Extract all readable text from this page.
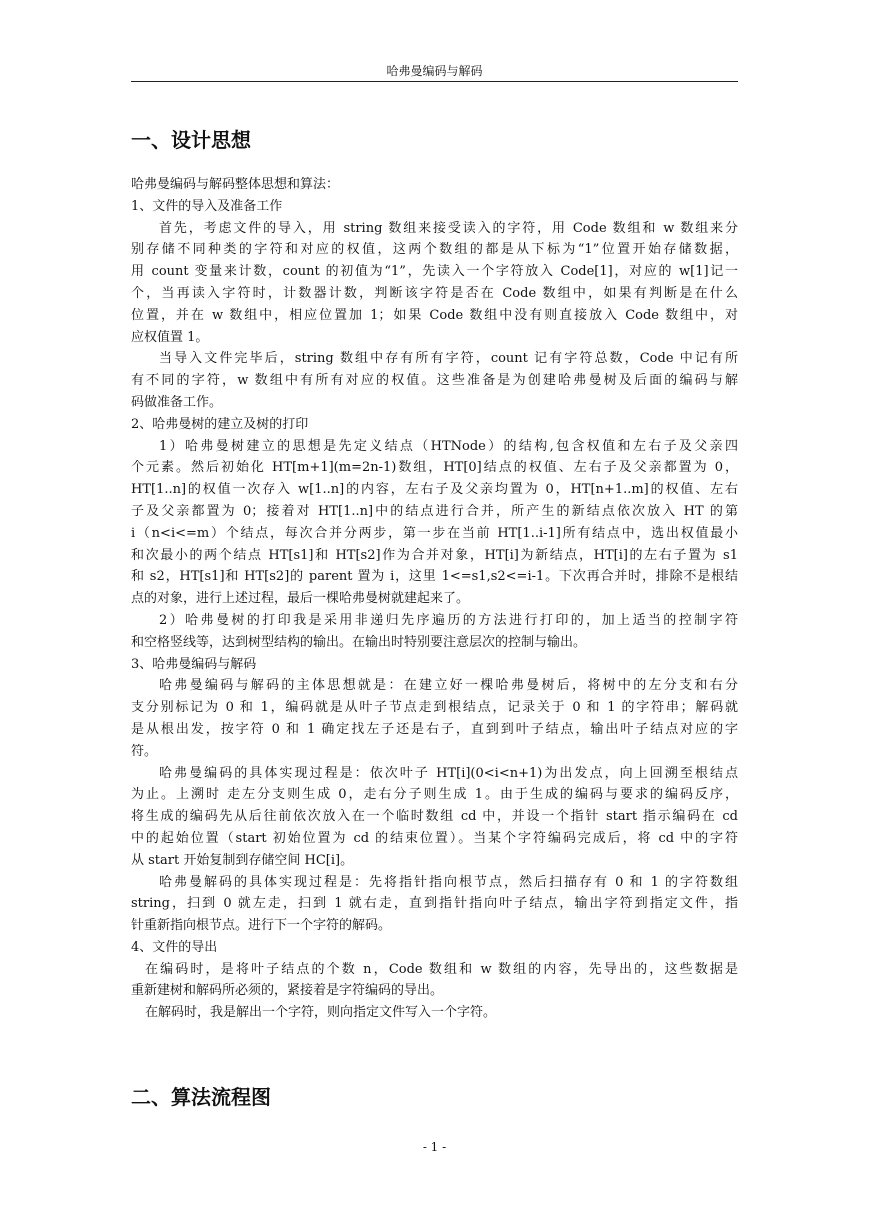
哈弗曼编码与解码
一、设计思想
哈弗曼编码与解码整体思想和算法：
1、文件的导入及准备工作
首先，考虑文件的导入，用 string 数组来接受读入的字符，用 Code 数组和 w 数组来分
别存储不同种类的字符和对应的权值，这两个数组的都是从下标为“1”位置开始存储数据，
用 count 变量来计数，count 的初值为“1”，先读入一个字符放入 Code[1]，对应的 w[1]记一
个，当再读入字符时，计数器计数，判断该字符是否在 Code 数组中，如果有判断是在什么
位置，并在 w 数组中，相应位置加 1；如果 Code 数组中没有则直接放入 Code 数组中，对
应权值置 1。
当导入文件完毕后，string 数组中存有所有字符，count 记有字符总数，Code 中记有所
有不同的字符，w 数组中有所有对应的权值。这些准备是为创建哈弗曼树及后面的编码与解
码做准备工作。
2、哈弗曼树的建立及树的打印
1）哈弗曼树建立的思想是先定义结点（HTNode）的结构,包含权值和左右子及父亲四
个元素。然后初始化 HT[m+1](m=2n-1)数组，HT[0]结点的权值、左右子及父亲都置为 0，
HT[1..n]的权值一次存入 w[1..n]的内容，左右子及父亲均置为 0，HT[n+1..m]的权值、左右
子及父亲都置为 0；接着对 HT[1..n]中的结点进行合并，所产生的新结点依次放入 HT 的第
i（n<i<=m）个结点，每次合并分两步，第一步在当前 HT[1..i-1]所有结点中，选出权值最小
和次最小的两个结点 HT[s1]和 HT[s2]作为合并对象，HT[i]为新结点，HT[i]的左右子置为 s1
和 s2，HT[s1]和 HT[s2]的 parent 置为 i，这里 1<=s1,s2<=i-1。下次再合并时，排除不是根结
点的对象，进行上述过程，最后一棵哈弗曼树就建起来了。
2）哈弗曼树的打印我是采用非递归先序遍历的方法进行打印的，加上适当的控制字符
和空格竖线等，达到树型结构的输出。在输出时特别要注意层次的控制与输出。
3、哈弗曼编码与解码
哈弗曼编码与解码的主体思想就是：在建立好一棵哈弗曼树后，将树中的左分支和右分
支分别标记为 0 和 1，编码就是从叶子节点走到根结点，记录关于 0 和 1 的字符串；解码就
是从根出发，按字符 0 和 1 确定找左子还是右子，直到到叶子结点，输出叶子结点对应的字
符。
哈弗曼编码的具体实现过程是：依次叶子 HT[i](0<i<n+1)为出发点，向上回溯至根结点
为止。上溯时 走左分支则生成 0，走右分子则生成 1。由于生成的编码与要求的编码反序，
将生成的编码先从后往前依次放入在一个临时数组 cd 中，并设一个指针 start 指示编码在 cd
中的起始位置（start 初始位置为 cd 的结束位置）。当某个字符编码完成后，将 cd 中的字符
从 start 开始复制到存储空间 HC[i]。
哈弗曼解码的具体实现过程是：先将指针指向根节点，然后扫描存有 0 和 1 的字符数组
string，扫到 0 就左走，扫到 1 就右走，直到指针指向叶子结点，输出字符到指定文件，指
针重新指向根节点。进行下一个字符的解码。
4、文件的导出
在编码时，是将叶子结点的个数 n，Code 数组和 w 数组的内容，先导出的，这些数据是
重新建树和解码所必须的，紧接着是字符编码的导出。
在解码时，我是解出一个字符，则向指定文件写入一个字符。
二、算法流程图
- 1 -
